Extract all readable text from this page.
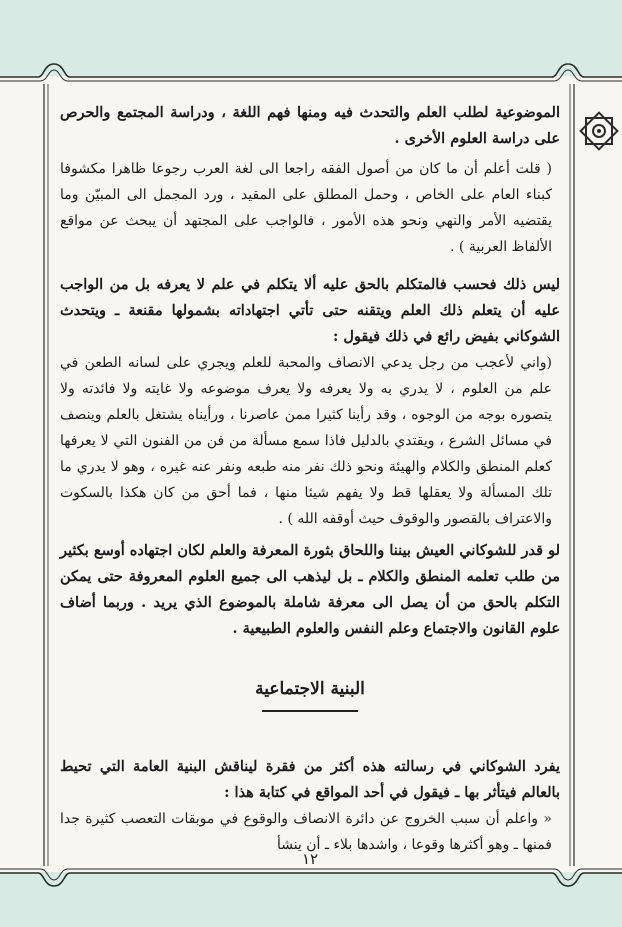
الموضوعية لطلب العلم والتحدث فيه ومنها فهم اللغة ، ودراسة المجتمع والحرص على دراسة العلوم الأخرى .

( قلت أعلم أن ما كان من أصول الفقه راجعا الى لغة العرب رجوعا ظاهرا مكشوفا كبناء العام على الخاص ، وحمل المطلق على المقيد ، ورد المجمل الى المبيّن وما يقتضيه الأمر والنهي ونحو هذه الأمور ، فالواجب على المجتهد أن يبحث عن مواقع الألفاظ العربية ) .

ليس ذلك فحسب فالمتكلم بالحق عليه ألا يتكلم في علم لا يعرفه بل من الواجب عليه أن يتعلم ذلك العلم ويتقنه حتى تأتي اجتهاداته بشمولها مقنعة ـ ويتحدث الشوكاني بفيض رائع في ذلك فيقول :

(واني لأعجب من رجل يدعي الانصاف والمحبة للعلم ويجري على لسانه الطعن في علم من العلوم ، لا يدري به ولا يعرفه ولا يعرف موضوعه ولا غايته ولا فائدته ولا يتصوره بوجه من الوجوه ، وقد رأينا كثيرا ممن عاصرنا ، ورأيناه يشتغل بالعلم وينصف في مسائل الشرع ، ويقتدي بالدليل فاذا سمع مسألة من فن من الفنون التي لا يعرفها كعلم المنطق والكلام والهيئة ونحو ذلك نفر منه طبعه ونفر عنه غيره ، وهو لا يدري ما تلك المسألة ولا يعقلها قط ولا يفهم شيئا منها ، فما أحق من كان هكذا بالسكوت والاعتراف بالقصور والوقوف حيث أوقفه الله ) .

لو قدر للشوكاني العيش بيننا واللحاق بثورة المعرفة والعلم لكان اجتهاده أوسع بكثير من طلب تعلمه المنطق والكلام ـ بل ليذهب الى جميع العلوم المعروفة حتى يمكن التكلم بالحق من أن يصل الى معرفة شاملة بالموضوع الذي يريد . وربما أضاف علوم القانون والاجتماع وعلم النفس والعلوم الطبيعية .

البنية الاجتماعية

يفرد الشوكاني في رسالته هذه أكثر من فقرة ليناقش البنية العامة التي تحيط بالعالم فيتأثر بها ـ فيقول في أحد المواقع في كتابة هذا :

« واعلم أن سبب الخروج عن دائرة الانصاف والوقوع في موبقات التعصب كثيرة جدا فمنها ـ وهو أكثرها وقوعا ، واشدها بلاء ـ أن ينشأ

١٢
